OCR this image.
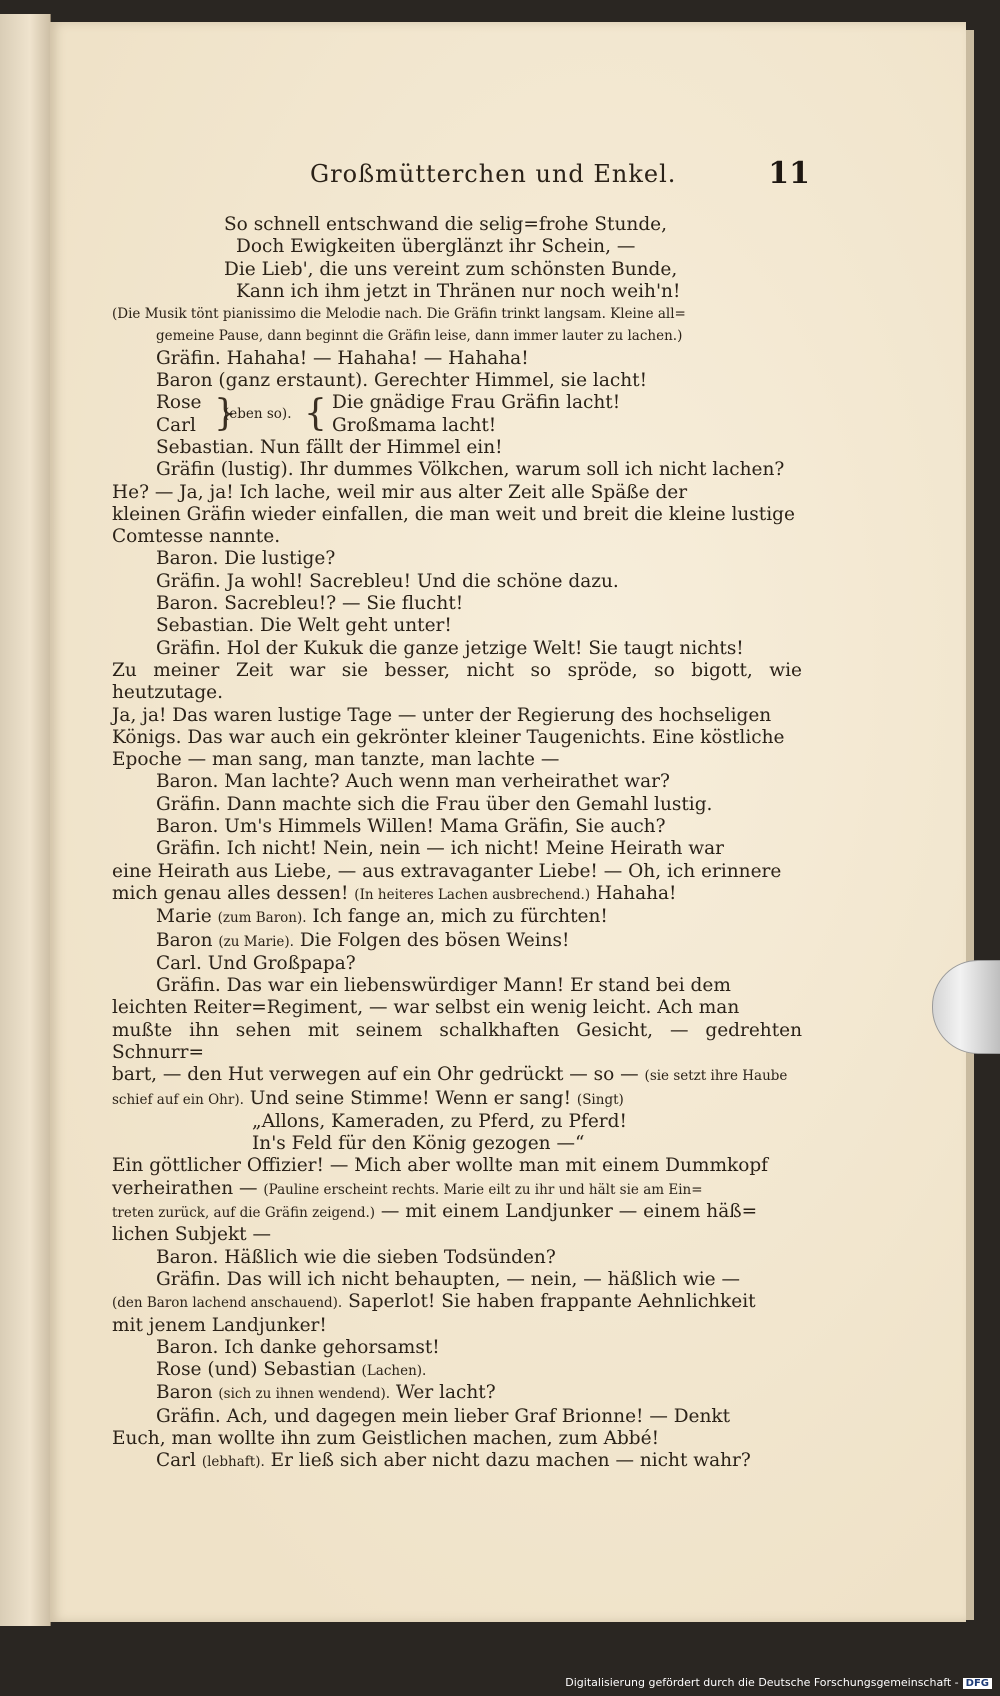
Großmütterchen und Enkel.	11

So schnell entschwand die selig=frohe Stunde,

Doch Ewigkeiten überglänzt ihr Schein, —

Die Lieb', die uns vereint zum schönsten Bunde,

Kann ich ihm jetzt in Thränen nur noch weih'n!

(Die Musik tönt pianissimo die Melodie nach. Die Gräfin trinkt langsam. Kleine all=

gemeine Pause, dann beginnt die Gräfin leise, dann immer lauter zu lachen.)

Gräfin. Hahaha! — Hahaha! — Hahaha!

Baron (ganz erstaunt). Gerechter Himmel, sie lacht!

Rose
Carl }
(eben so). { Die gnädige Frau Gräfin lacht!
Großmama lacht!

Sebastian. Nun fällt der Himmel ein!

Gräfin (lustig). Ihr dummes Völkchen, warum soll ich nicht lachen?

He? — Ja, ja! Ich lache, weil mir aus alter Zeit alle Späße der

kleinen Gräfin wieder einfallen, die man weit und breit die kleine lustige

Comtesse nannte.

Baron. Die lustige?

Gräfin. Ja wohl! Sacrebleu! Und die schöne dazu.

Baron. Sacrebleu!? — Sie flucht!

Sebastian. Die Welt geht unter!

Gräfin. Hol der Kukuk die ganze jetzige Welt! Sie taugt nichts!

Zu meiner Zeit war sie besser, nicht so spröde, so bigott, wie heutzutage.

Ja, ja! Das waren lustige Tage — unter der Regierung des hochseligen

Königs. Das war auch ein gekrönter kleiner Taugenichts. Eine köstliche

Epoche — man sang, man tanzte, man lachte —

Baron. Man lachte? Auch wenn man verheirathet war?

Gräfin. Dann machte sich die Frau über den Gemahl lustig.

Baron. Um's Himmels Willen! Mama Gräfin, Sie auch?

Gräfin. Ich nicht! Nein, nein — ich nicht! Meine Heirath war

eine Heirath aus Liebe, — aus extravaganter Liebe! — Oh, ich erinnere

mich genau alles dessen! (In heiteres Lachen ausbrechend.) Hahaha!

Marie (zum Baron). Ich fange an, mich zu fürchten!

Baron (zu Marie). Die Folgen des bösen Weins!

Carl. Und Großpapa?

Gräfin. Das war ein liebenswürdiger Mann! Er stand bei dem

leichten Reiter=Regiment, — war selbst ein wenig leicht. Ach man

mußte ihn sehen mit seinem schalkhaften Gesicht, — gedrehten Schnurr=

bart, — den Hut verwegen auf ein Ohr gedrückt — so — (sie setzt ihre Haube

schief auf ein Ohr). Und seine Stimme! Wenn er sang! (Singt)

„Allons, Kameraden, zu Pferd, zu Pferd!

In's Feld für den König gezogen —“

Ein göttlicher Offizier! — Mich aber wollte man mit einem Dummkopf

verheirathen — (Pauline erscheint rechts. Marie eilt zu ihr und hält sie am Ein=

treten zurück, auf die Gräfin zeigend.) — mit einem Landjunker — einem häß=

lichen Subjekt —

Baron. Häßlich wie die sieben Todsünden?

Gräfin. Das will ich nicht behaupten, — nein, — häßlich wie —

(den Baron lachend anschauend). Saperlot! Sie haben frappante Aehnlichkeit

mit jenem Landjunker!

Baron. Ich danke gehorsamst!

Rose (und) Sebastian (Lachen).

Baron (sich zu ihnen wendend). Wer lacht?

Gräfin. Ach, und dagegen mein lieber Graf Brionne! — Denkt

Euch, man wollte ihn zum Geistlichen machen, zum Abbé!

Carl (lebhaft). Er ließ sich aber nicht dazu machen — nicht wahr?

Digitalisierung gefördert durch die Deutsche Forschungsgemeinschaft - DFG
